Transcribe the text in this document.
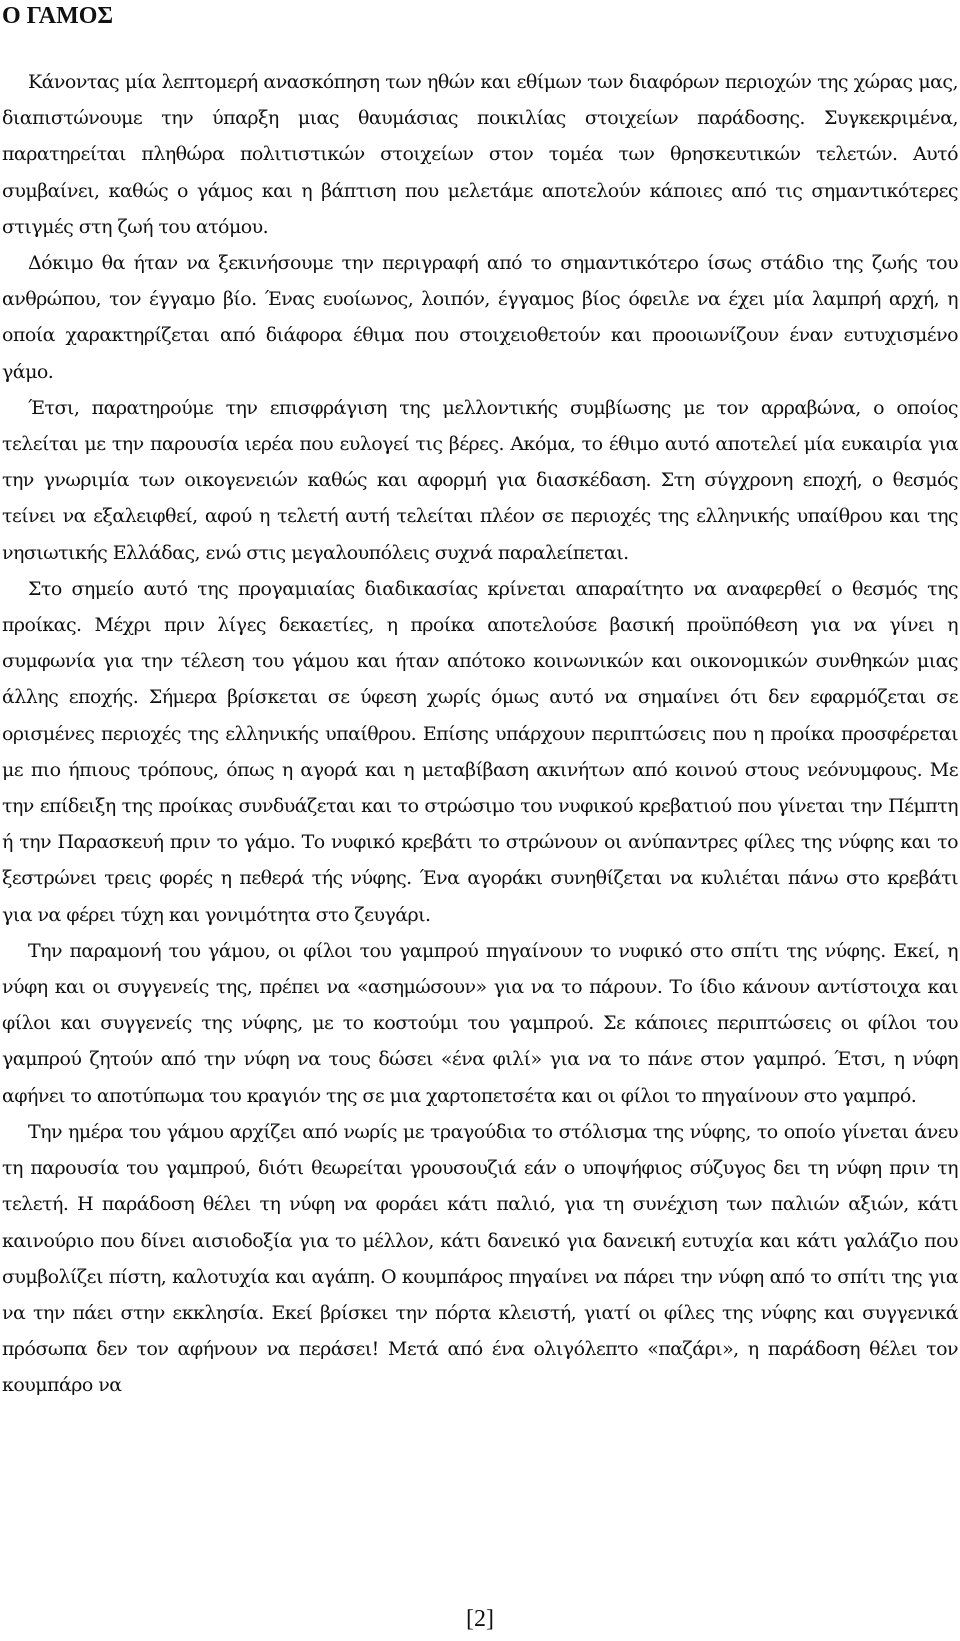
Ο ΓΑΜΟΣ

Κάνοντας μία λεπτομερή ανασκόπηση των ηθών και εθίμων των διαφόρων περιοχών της χώρας μας, διαπιστώνουμε την ύπαρξη μιας θαυμάσιας ποικιλίας στοιχείων παράδοσης. Συγκεκριμένα, παρατηρείται πληθώρα πολιτιστικών στοιχείων στον τομέα των θρησκευτικών τελετών. Αυτό συμβαίνει, καθώς ο γάμος και η βάπτιση που μελετάμε αποτελούν κάποιες από τις σημαντικότερες στιγμές στη ζωή του ατόμου.

Δόκιμο θα ήταν να ξεκινήσουμε την περιγραφή από το σημαντικότερο ίσως στάδιο της ζωής του ανθρώπου, τον έγγαμο βίο. Ένας ευοίωνος, λοιπόν, έγγαμος βίος όφειλε να έχει μία λαμπρή αρχή, η οποία χαρακτηρίζεται από διάφορα έθιμα που στοιχειοθετούν και προοιωνίζουν έναν ευτυχισμένο γάμο.

Έτσι, παρατηρούμε την επισφράγιση της μελλοντικής συμβίωσης με τον αρραβώνα, ο οποίος τελείται με την παρουσία ιερέα που ευλογεί τις βέρες. Ακόμα, το έθιμο αυτό αποτελεί μία ευκαιρία για την γνωριμία των οικογενειών καθώς και αφορμή για διασκέδαση. Στη σύγχρονη εποχή, ο θεσμός τείνει να εξαλειφθεί, αφού η τελετή αυτή τελείται πλέον σε περιοχές της ελληνικής υπαίθρου και της νησιωτικής Ελλάδας, ενώ στις μεγαλουπόλεις συχνά παραλείπεται.

Στο σημείο αυτό της προγαμιαίας διαδικασίας κρίνεται απαραίτητο να αναφερθεί ο θεσμός της προίκας. Μέχρι πριν λίγες δεκαετίες, η προίκα αποτελούσε βασική προϋπόθεση για να γίνει η συμφωνία για την τέλεση του γάμου και ήταν απότοκο κοινωνικών και οικονομικών συνθηκών μιας άλλης εποχής. Σήμερα βρίσκεται σε ύφεση χωρίς όμως αυτό να σημαίνει ότι δεν εφαρμόζεται σε ορισμένες περιοχές της ελληνικής υπαίθρου. Επίσης υπάρχουν περιπτώσεις που η προίκα προσφέρεται με πιο ήπιους τρόπους, όπως η αγορά και η μεταβίβαση ακινήτων από κοινού στους νεόνυμφους. Με την επίδειξη της προίκας συνδυάζεται και το στρώσιμο του νυφικού κρεβατιού που γίνεται την Πέμπτη ή την Παρασκευή πριν το γάμο. Το νυφικό κρεβάτι το στρώνουν οι ανύπαντρες φίλες της νύφης και το ξεστρώνει τρεις φορές η πεθερά τής νύφης. Ένα αγοράκι συνηθίζεται να κυλιέται πάνω στο κρεβάτι για να φέρει τύχη και γονιμότητα στο ζευγάρι.

Την παραμονή του γάμου, οι φίλοι του γαμπρού πηγαίνουν το νυφικό στο σπίτι της νύφης. Εκεί, η νύφη και οι συγγενείς της, πρέπει να «ασημώσουν» για να το πάρουν. Το ίδιο κάνουν αντίστοιχα και φίλοι και συγγενείς της νύφης, με το κοστούμι του γαμπρού. Σε κάποιες περιπτώσεις οι φίλοι του γαμπρού ζητούν από την νύφη να τους δώσει «ένα φιλί» για να το πάνε στον γαμπρό. Έτσι, η νύφη αφήνει το αποτύπωμα του κραγιόν της σε μια χαρτοπετσέτα και οι φίλοι το πηγαίνουν στο γαμπρό.

Την ημέρα του γάμου αρχίζει από νωρίς με τραγούδια το στόλισμα της νύφης, το οποίο γίνεται άνευ τη παρουσία του γαμπρού, διότι θεωρείται γρουσουζιά εάν ο υποψήφιος σύζυγος δει τη νύφη πριν τη τελετή. Η παράδοση θέλει τη νύφη να φοράει κάτι παλιό, για τη συνέχιση των παλιών αξιών, κάτι καινούριο που δίνει αισιοδοξία για το μέλλον, κάτι δανεικό για δανεική ευτυχία και κάτι γαλάζιο που συμβολίζει πίστη, καλοτυχία και αγάπη. Ο κουμπάρος πηγαίνει να πάρει την νύφη από το σπίτι της για να την πάει στην εκκλησία. Εκεί βρίσκει την πόρτα κλειστή, γιατί οι φίλες της νύφης και συγγενικά πρόσωπα δεν τον αφήνουν να περάσει! Μετά από ένα ολιγόλεπτο «παζάρι», η παράδοση θέλει τον κουμπάρο να

[2]
